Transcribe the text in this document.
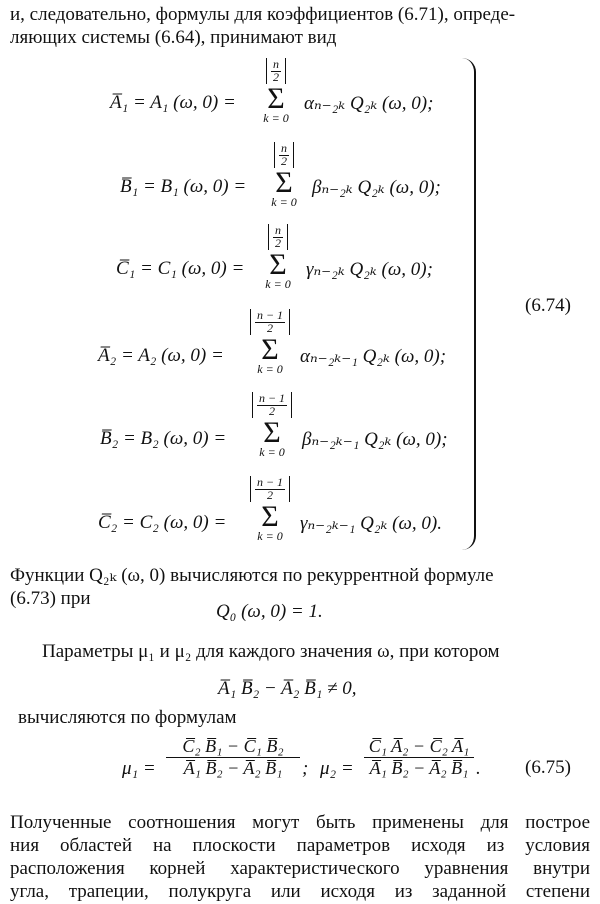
и, следовательно, формулы для коэффициентов (6.71), опреде-
ляющих системы (6.64), принимают вид
A̅₁ = A₁ (ω, 0) =
$\frac{n}{2}$
Σ
k = 0
αₙ₋₂ₖ Q₂ₖ (ω, 0);
B̅₁ = B₁ (ω, 0) =
$\frac{n}{2}$
Σ
k = 0
βₙ₋₂ₖ Q₂ₖ (ω, 0);
C̅₁ = C₁ (ω, 0) =
$\frac{n}{2}$
Σ
k = 0
γₙ₋₂ₖ Q₂ₖ (ω, 0);
A̅₂ = A₂ (ω, 0) =
$\frac{n - 1}{2}$
Σ
k = 0
αₙ₋₂ₖ₋₁ Q₂ₖ (ω, 0);
B̅₂ = B₂ (ω, 0) =
$\frac{n - 1}{2}$
Σ
k = 0
βₙ₋₂ₖ₋₁ Q₂ₖ (ω, 0);
C̅₂ = C₂ (ω, 0) =
$\frac{n - 1}{2}$
Σ
k = 0
γₙ₋₂ₖ₋₁ Q₂ₖ (ω, 0).
(6.74)
Функции Q₂ₖ (ω, 0) вычисляются по рекуррентной формуле
(6.73) при
Q₀ (ω, 0) = 1.
Параметры μ₁ и μ₂ для каждого значения ω, при котором
A̅₁ B̅₂ − A̅₂ B̅₁ ≠ 0,
вычисляются по формулам
$\mu_1 = \frac{\text{C̅₂ B̅₁ − C̅₁ B̅₂}}{\text{A̅₁ B̅₂ − A̅₂ B̅₁}}$ ; $\mu_2 = \frac{\text{C̅₁ A̅₂ − C̅₂ A̅₁}}{\text{A̅₁ B̅₂ − A̅₂ B̅₁}}$ . (6.75)
Полученные соотношения могут быть применены для построе
ния областей на плоскости параметров исходя из условия
расположения корней характеристического уравнения внутри
угла, трапеции, полукруга или исходя из заданной степени
